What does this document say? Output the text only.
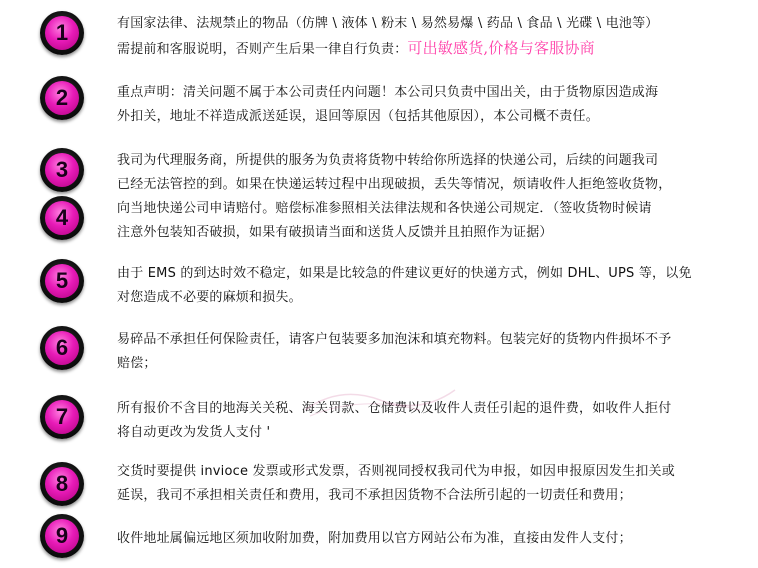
1
2
3
4
5
6
7
8
9
有国家法律、法规禁止的物品（仿牌 \ 液体 \ 粉末 \ 易然易爆 \ 药品 \ 食品 \ 光碟 \ 电池等）
需提前和客服说明，否则产生后果一律自行负责：可出敏感货,价格与客服协商
重点声明：清关问题不属于本公司责任内问题！本公司只负责中国出关，由于货物原因造成海
外扣关，地址不祥造成派送延误，退回等原因（包括其他原因），本公司概不责任。
我司为代理服务商，所提供的服务为负责将货物中转给你所选择的快递公司，后续的问题我司
已经无法管控的到。如果在快递运转过程中出现破损，丢失等情况，烦请收件人拒绝签收货物，
向当地快递公司申请赔付。赔偿标准参照相关法律法规和各快递公司规定．（签收货物时候请
注意外包装知否破损，如果有破损请当面和送货人反馈并且拍照作为证据）
由于 EMS 的到达时效不稳定，如果是比较急的件建议更好的快递方式，例如 DHL、UPS 等，以免
对您造成不必要的麻烦和损失。
易碎品不承担任何保险责任，请客户包装要多加泡沫和填充物料。包装完好的货物内件损坏不予
赔偿；
所有报价不含目的地海关关税、海关罚款、仓储费以及收件人责任引起的退件费，如收件人拒付
将自动更改为发货人支付 '
交货时要提供 invioce 发票或形式发票，否则视同授权我司代为申报，如因申报原因发生扣关或
延误，我司不承担相关责任和费用，我司不承担因货物不合法所引起的一切责任和费用；
收件地址属偏远地区须加收附加费，附加费用以官方网站公布为准，直接由发件人支付；
